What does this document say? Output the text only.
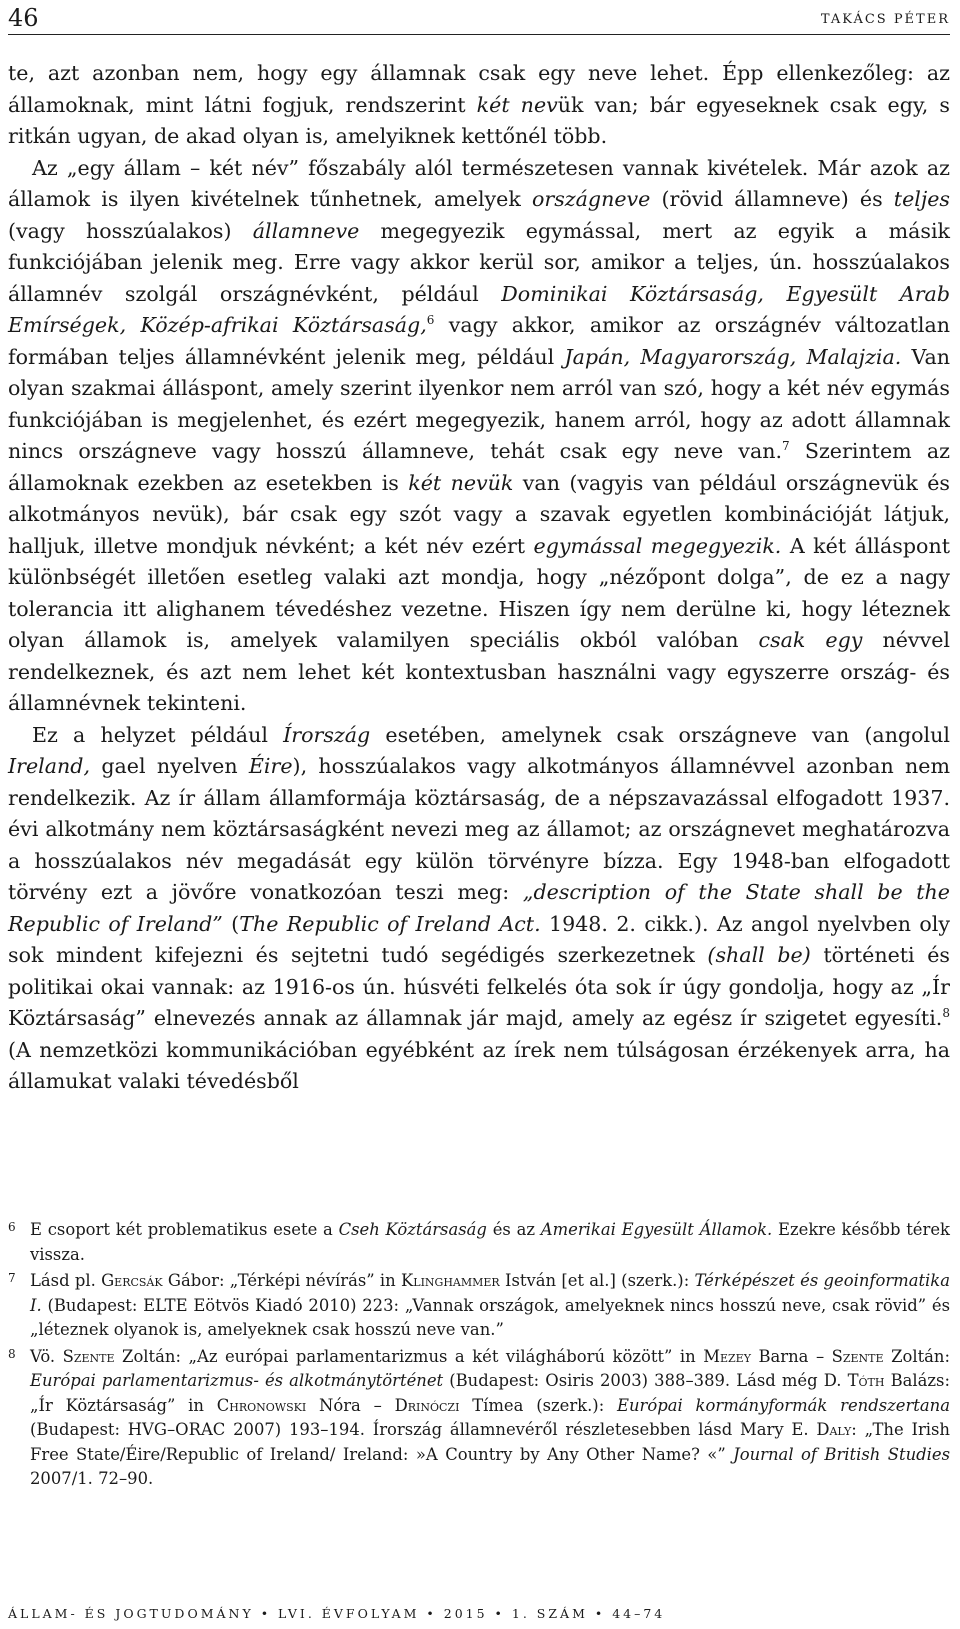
46	TAKÁCS PÉTER

te, azt azonban nem, hogy egy államnak csak egy neve lehet. Épp ellenkezőleg: az államoknak, mint látni fogjuk, rendszerint két nevük van; bár egyeseknek csak egy, s ritkán ugyan, de akad olyan is, amelyiknek kettőnél több.

Az „egy állam – két név” főszabály alól természetesen vannak kivételek. Már azok az államok is ilyen kivételnek tűnhetnek, amelyek országneve (rövid államneve) és teljes (vagy hosszúalakos) államneve megegyezik egymással, mert az egyik a másik funkciójában jelenik meg. Erre vagy akkor kerül sor, amikor a teljes, ún. hosszúalakos államnév szolgál országnévként, például Dominikai Köztársaság, Egyesült Arab Emírségek, Közép-afrikai Köztársaság,$^6$ vagy akkor, amikor az országnév változatlan formában teljes államnévként jelenik meg, például Japán, Magyarország, Malajzia. Van olyan szakmai álláspont, amely szerint ilyenkor nem arról van szó, hogy a két név egymás funkciójában is megjelenhet, és ezért megegyezik, hanem arról, hogy az adott államnak nincs országneve vagy hosszú államneve, tehát csak egy neve van.$^7$ Szerintem az államoknak ezekben az esetekben is két nevük van (vagyis van például országnevük és alkotmányos nevük), bár csak egy szót vagy a szavak egyetlen kombinációját látjuk, halljuk, illetve mondjuk névként; a két név ezért egymással megegyezik. A két álláspont különbségét illetően esetleg valaki azt mondja, hogy „nézőpont dolga”, de ez a nagy tolerancia itt alighanem tévedéshez vezetne. Hiszen így nem derülne ki, hogy léteznek olyan államok is, amelyek valamilyen speciális okból valóban csak egy névvel rendelkeznek, és azt nem lehet két kontextusban használni vagy egyszerre ország- és államnévnek tekinteni.

Ez a helyzet például Írország esetében, amelynek csak országneve van (angolul Ireland, gael nyelven Éire), hosszúalakos vagy alkotmányos államnévvel azonban nem rendelkezik. Az ír állam államformája köztársaság, de a népszavazással elfogadott 1937. évi alkotmány nem köztársaságként nevezi meg az államot; az országnevet meghatározva a hosszúalakos név megadását egy külön törvényre bízza. Egy 1948-ban elfogadott törvény ezt a jövőre vonatkozóan teszi meg: „description of the State shall be the Republic of Ireland” (The Republic of Ireland Act. 1948. 2. cikk.). Az angol nyelvben oly sok mindent kifejezni és sejtetni tudó segédigés szerkezetnek (shall be) történeti és politikai okai vannak: az 1916-os ún. húsvéti felkelés óta sok ír úgy gondolja, hogy az „Ír Köztársaság” elnevezés annak az államnak jár majd, amely az egész ír szigetet egyesíti.$^8$ (A nemzetközi kommunikációban egyébként az írek nem túlságosan érzékenyek arra, ha államukat valaki tévedésből

6 E csoport két problematikus esete a Cseh Köztársaság és az Amerikai Egyesült Államok. Ezekre később térek vissza.
7 Lásd pl. Gercsák Gábor: „Térképi névírás” in Klinghammer István [et al.] (szerk.): Térképészet és geoinformatika I. (Budapest: ELTE Eötvös Kiadó 2010) 223: „Vannak országok, amelyeknek nincs hosszú neve, csak rövid” és „léteznek olyanok is, amelyeknek csak hosszú neve van.”
8 Vö. Szente Zoltán: „Az európai parlamentarizmus a két világháború között” in Mezey Barna – Szente Zoltán: Európai parlamentarizmus- és alkotmánytörténet (Budapest: Osiris 2003) 388–389. Lásd még D. Tóth Balázs: „Ír Köztársaság” in Chronowski Nóra – Drinóczi Tímea (szerk.): Európai kormányformák rendszertana (Budapest: HVG–ORAC 2007) 193–194. Írország államnevéről részletesebben lásd Mary E. Daly: „The Irish Free State/Éire/Republic of Ireland/ Ireland: »A Country by Any Other Name? «” Journal of British Studies 2007/1. 72–90.
ÁLLAM- ÉS JOGTUDOMÁNY • LVI. ÉVFOLYAM • 2015 • 1. SZÁM • 44–74
